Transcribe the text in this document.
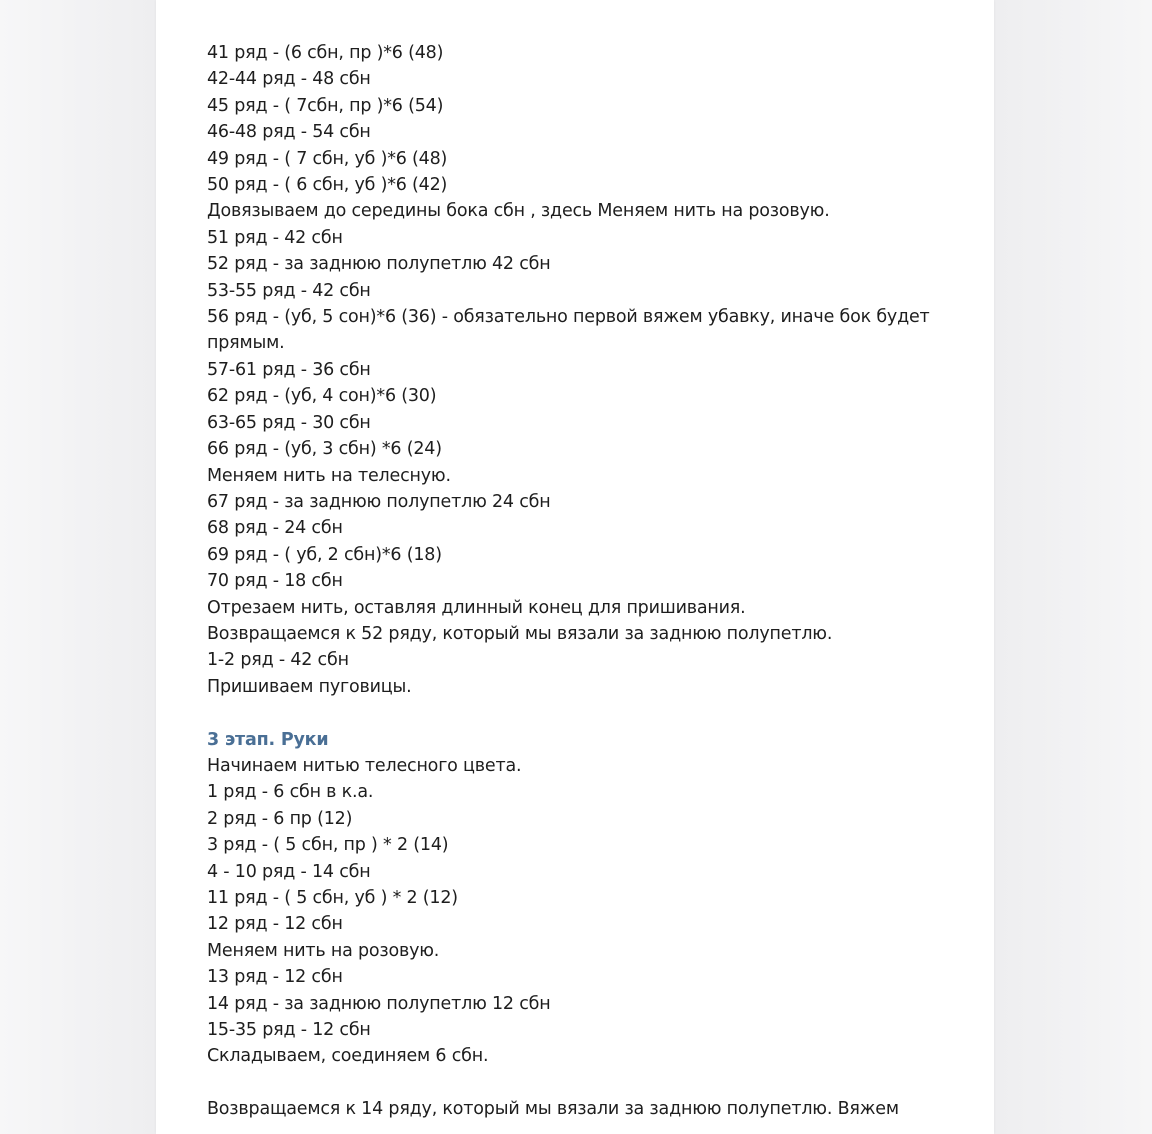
41 ряд - (6 сбн, пр )*6 (48)
42-44 ряд - 48 сбн
45 ряд - ( 7сбн, пр )*6 (54)
46-48 ряд - 54 сбн
49 ряд - ( 7 сбн, уб )*6 (48)
50 ряд - ( 6 сбн, уб )*6 (42)
Довязываем до середины бока сбн , здесь Меняем нить на розовую.
51 ряд - 42 сбн
52 ряд - за заднюю полупетлю 42 сбн
53-55 ряд - 42 сбн
56 ряд - (уб, 5 сон)*6 (36) - обязательно первой вяжем убавку, иначе бок будет прямым.
57-61 ряд - 36 сбн
62 ряд - (уб, 4 сон)*6 (30)
63-65 ряд - 30 сбн
66 ряд - (уб, 3 сбн) *6 (24)
Меняем нить на телесную.
67 ряд - за заднюю полупетлю 24 сбн
68 ряд - 24 сбн
69 ряд - ( уб, 2 сбн)*6 (18)
70 ряд - 18 сбн
Отрезаем нить, оставляя длинный конец для пришивания.
Возвращаемся к 52 ряду, который мы вязали за заднюю полупетлю.
1-2 ряд - 42 сбн
Пришиваем пуговицы.
3 этап. Руки
Начинаем нитью телесного цвета.
1 ряд - 6 сбн в к.а.
2 ряд - 6 пр (12)
3 ряд - ( 5 сбн, пр ) * 2 (14)
4 - 10 ряд - 14 сбн
11 ряд - ( 5 сбн, уб ) * 2 (12)
12 ряд - 12 сбн
Меняем нить на розовую.
13 ряд - 12 сбн
14 ряд - за заднюю полупетлю 12 сбн
15-35 ряд - 12 сбн
Складываем, соединяем 6 сбн.
Возвращаемся к 14 ряду, который мы вязали за заднюю полупетлю. Вяжем
